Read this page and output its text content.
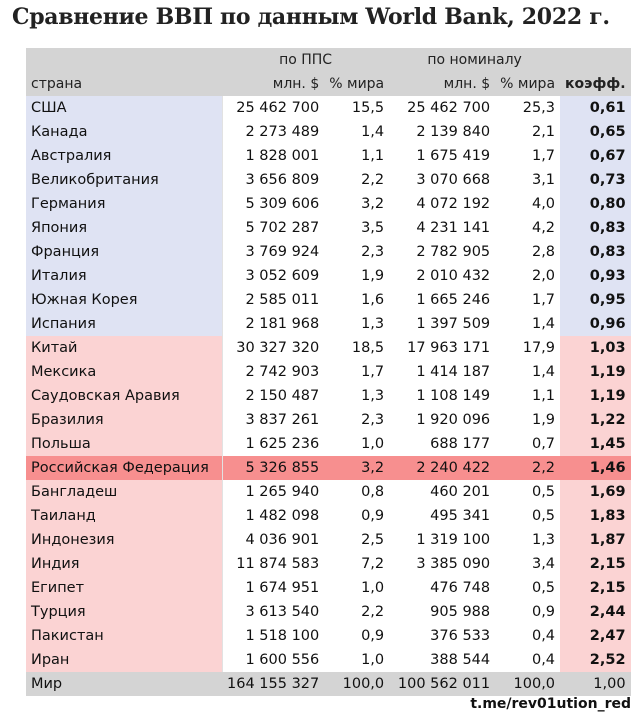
Сравнение ВВП по данным World Bank, 2022 г.
	по ППС		по номиналу		
страна	млн. $	% мира	млн. $	% мира	коэфф.
США	25 462 700	15,5	25 462 700	25,3	0,61
Канада	2 273 489	1,4	2 139 840	2,1	0,65
Австралия	1 828 001	1,1	1 675 419	1,7	0,67
Великобритания	3 656 809	2,2	3 070 668	3,1	0,73
Германия	5 309 606	3,2	4 072 192	4,0	0,80
Япония	5 702 287	3,5	4 231 141	4,2	0,83
Франция	3 769 924	2,3	2 782 905	2,8	0,83
Италия	3 052 609	1,9	2 010 432	2,0	0,93
Южная Корея	2 585 011	1,6	1 665 246	1,7	0,95
Испания	2 181 968	1,3	1 397 509	1,4	0,96
Китай	30 327 320	18,5	17 963 171	17,9	1,03
Мексика	2 742 903	1,7	1 414 187	1,4	1,19
Саудовская Аравия	2 150 487	1,3	1 108 149	1,1	1,19
Бразилия	3 837 261	2,3	1 920 096	1,9	1,22
Польша	1 625 236	1,0	688 177	0,7	1,45
Российская Федерация	5 326 855	3,2	2 240 422	2,2	1,46
Бангладеш	1 265 940	0,8	460 201	0,5	1,69
Таиланд	1 482 098	0,9	495 341	0,5	1,83
Индонезия	4 036 901	2,5	1 319 100	1,3	1,87
Индия	11 874 583	7,2	3 385 090	3,4	2,15
Египет	1 674 951	1,0	476 748	0,5	2,15
Турция	3 613 540	2,2	905 988	0,9	2,44
Пакистан	1 518 100	0,9	376 533	0,4	2,47
Иран	1 600 556	1,0	388 544	0,4	2,52
Мир	164 155 327	100,0	100 562 011	100,0	1,00
t.me/rev01ution_red
